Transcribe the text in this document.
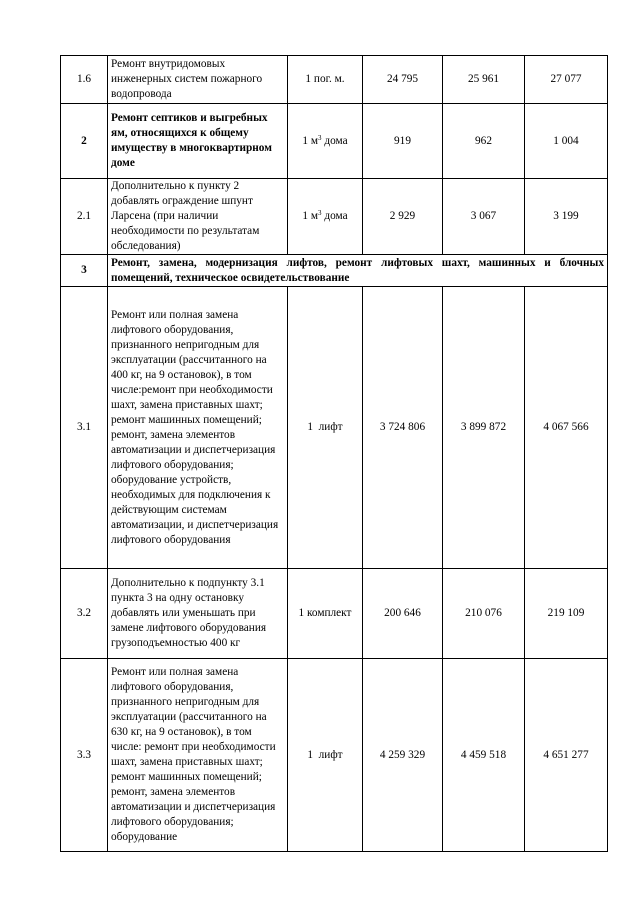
1.6	Ремонт внутридомовых инженерных систем пожарного водопровода	1 пог. м.	24 795	25 961	27 077
2	Ремонт септиков и выгребных ям, относящихся к общему имуществу в многоквартирном доме	1 $м^3$ дома	919	962	1 004
2.1	Дополнительно к пункту 2 добавлять ограждение шпунт Ларсена (при наличии необходимости по результатам обследования)	1 $м^3$ дома	2 929	3 067	3 199
3	Ремонт, замена, модернизация лифтов, ремонт лифтовых шахт, машинных и блочных помещений, техническое освидетельствование				
3.1	Ремонт или полная замена лифтового оборудования, признанного непригодным для эксплуатации (рассчитанного на 400 кг, на 9 остановок), в том числе:ремонт при необходимости шахт, замена приставных шахт; ремонт машинных помещений; ремонт, замена элементов автоматизации и диспетчеризация лифтового оборудования; оборудование устройств, необходимых для подключения к действующим системам автоматизации, и диспетчеризация лифтового оборудования	1  лифт	3 724 806	3 899 872	4 067 566
3.2	Дополнительно к подпункту 3.1 пункта 3 на одну остановку добавлять или уменьшать при замене лифтового оборудования грузоподъемностью 400 кг	1 комплект	200 646	210 076	219 109
3.3	Ремонт или полная замена лифтового оборудования, признанного непригодным для эксплуатации (рассчитанного на 630 кг, на 9 остановок), в том числе: ремонт при необходимости шахт, замена приставных шахт; ремонт машинных помещений; ремонт, замена элементов автоматизации и диспетчеризация лифтового оборудования; оборудование	1  лифт	4 259 329	4 459 518	4 651 277
